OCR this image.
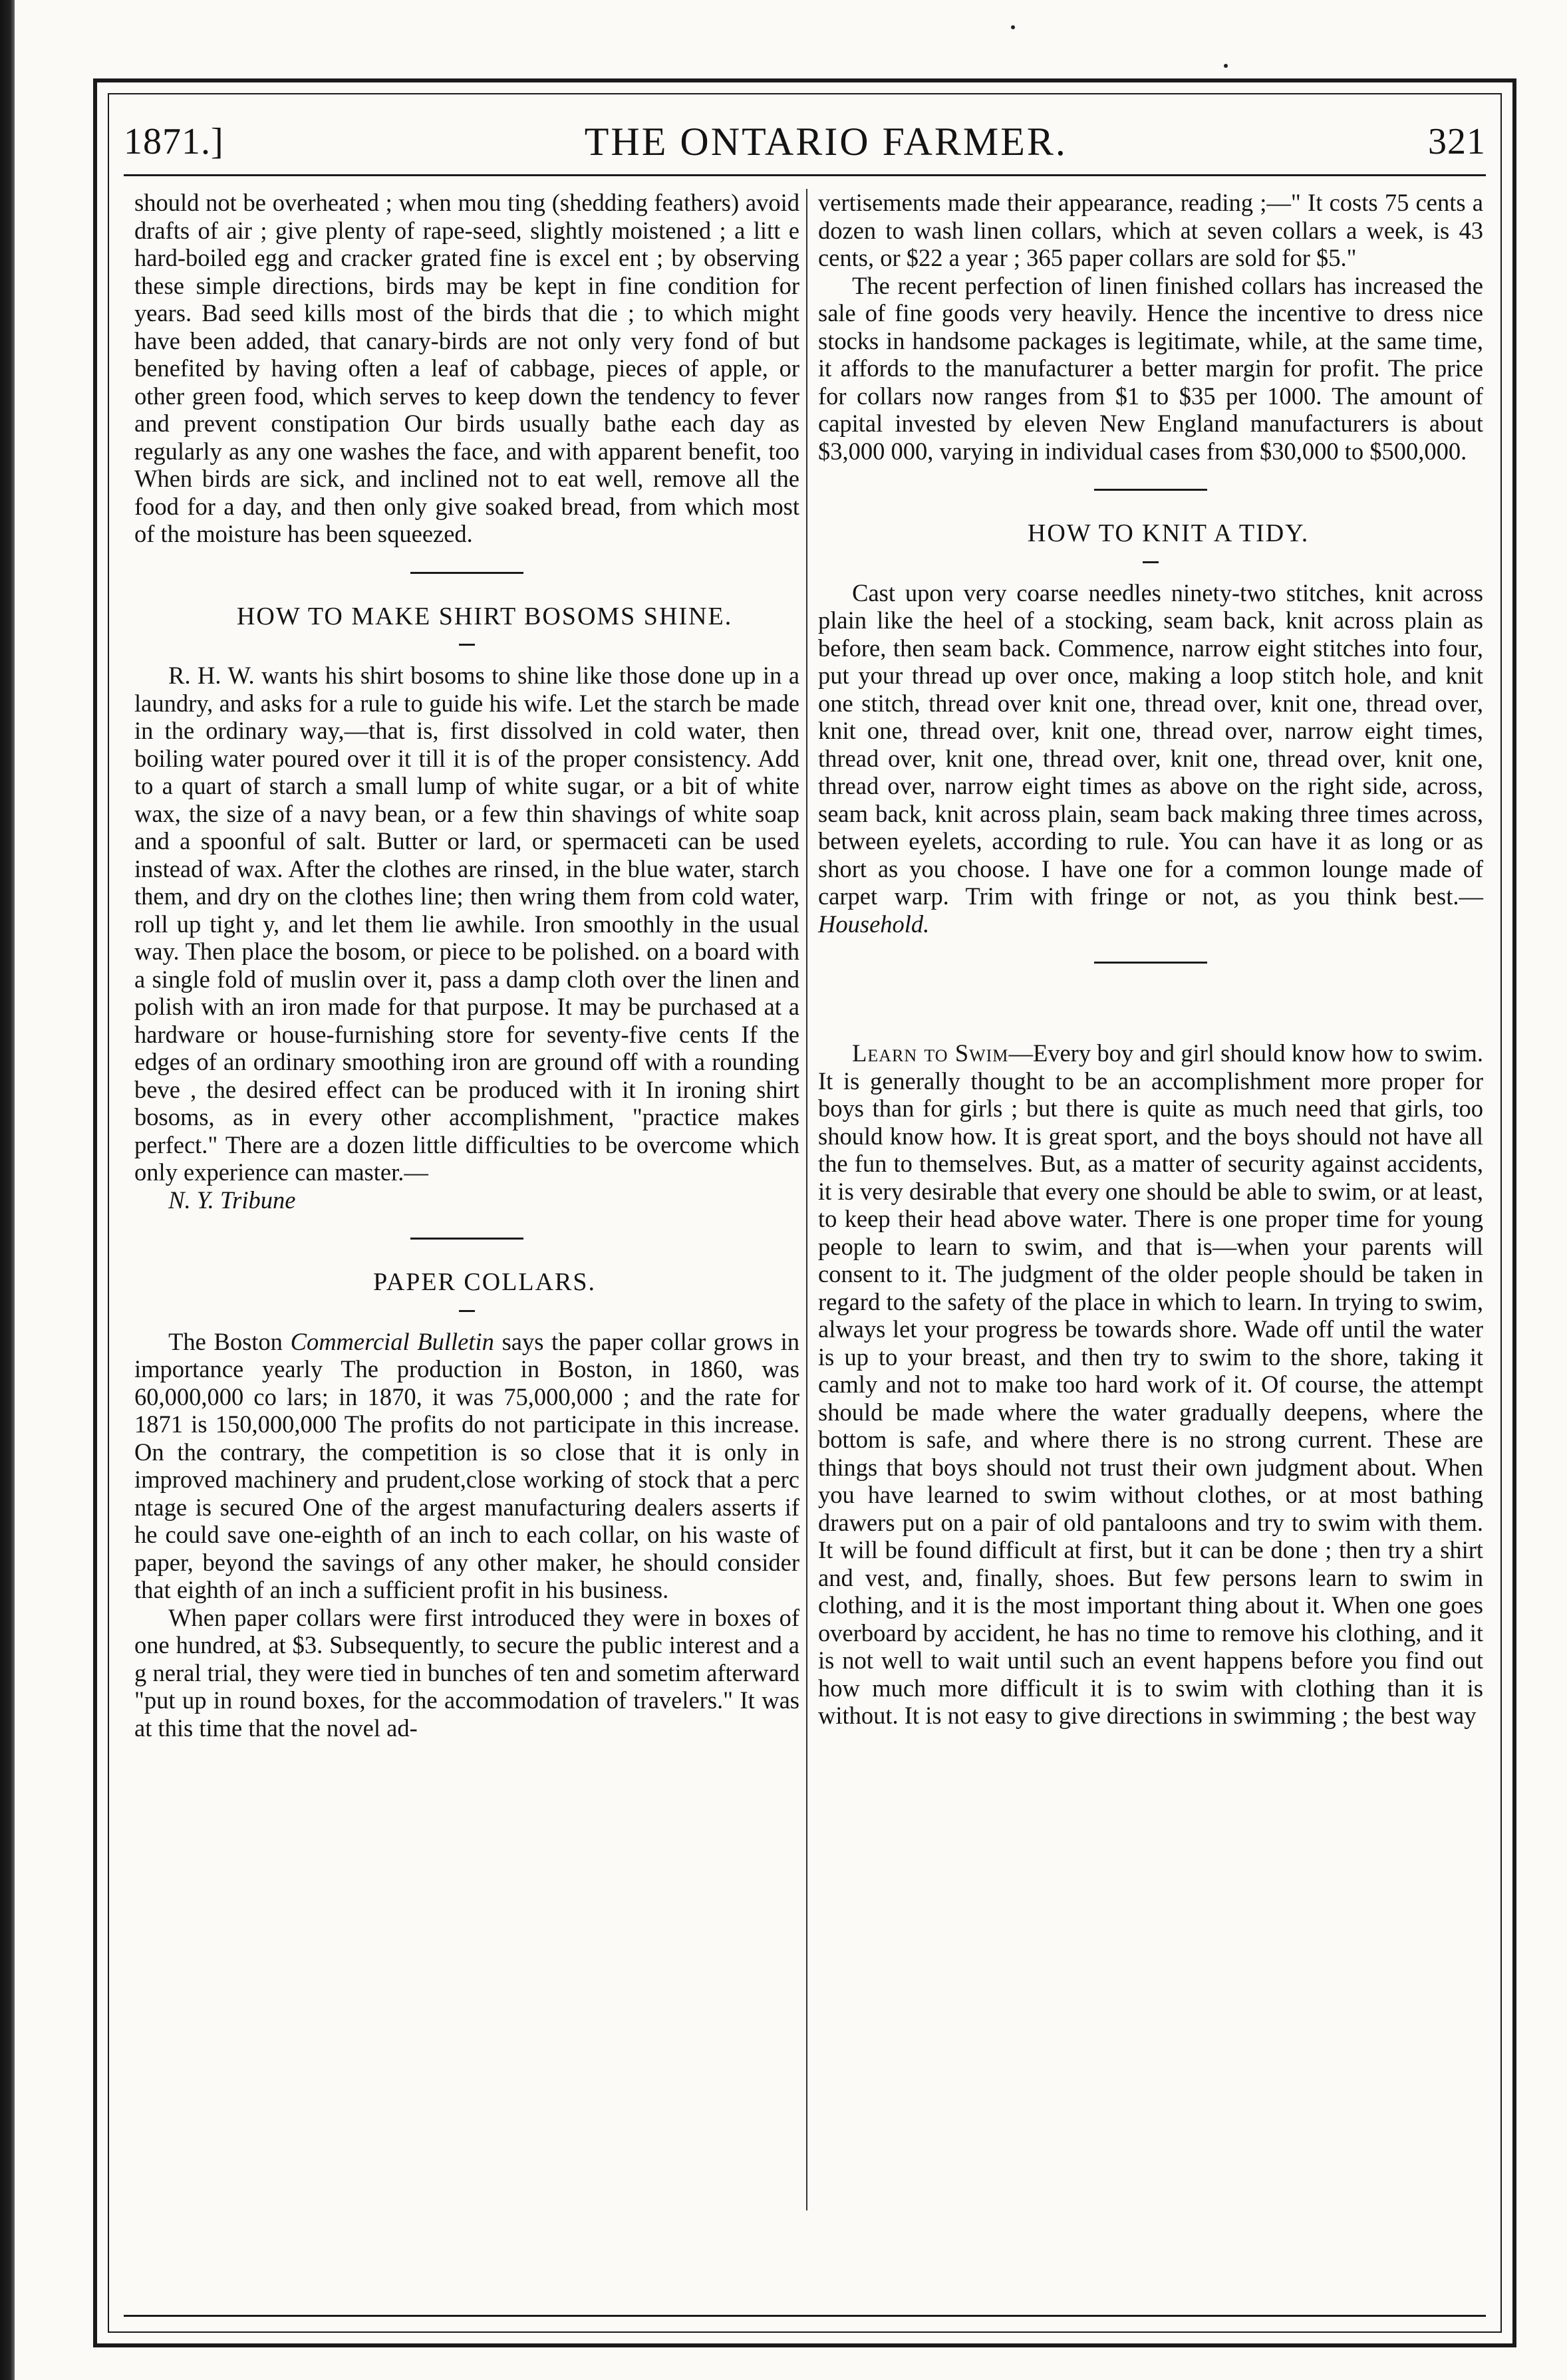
1871.]	THE ONTARIO FARMER.	321

should not be overheated ; when mou ting (shedding feathers) avoid drafts of air ; give plenty of rape-seed, slightly moistened ; a litt e hard-boiled egg and cracker grated fine is excel ent ; by observing these simple directions, birds may be kept in fine condition for years. Bad seed kills most of the birds that die ; to which might have been added, that canary-birds are not only very fond of but benefited by having often a leaf of cabbage, pieces of apple, or other green food, which serves to keep down the tendency to fever and prevent constipation Our birds usually bathe each day as regularly as any one washes the face, and with apparent benefit, too When birds are sick, and inclined not to eat well, remove all the food for a day, and then only give soaked bread, from which most of the moisture has been squeezed.

HOW TO MAKE SHIRT BOSOMS SHINE.

R. H. W. wants his shirt bosoms to shine like those done up in a laundry, and asks for a rule to guide his wife. Let the starch be made in the ordinary way,—that is, first dissolved in cold water, then boiling water poured over it till it is of the proper consistency. Add to a quart of starch a small lump of white sugar, or a bit of white wax, the size of a navy bean, or a few thin shavings of white soap and a spoonful of salt. Butter or lard, or spermaceti can be used instead of wax. After the clothes are rinsed, in the blue water, starch them, and dry on the clothes line; then wring them from cold water, roll up tight y, and let them lie awhile. Iron smoothly in the usual way. Then place the bosom, or piece to be polished. on a board with a single fold of muslin over it, pass a damp cloth over the linen and polish with an iron made for that purpose. It may be purchased at a hardware or house-furnishing store for seventy-five cents If the edges of an ordinary smoothing iron are ground off with a rounding beve , the desired effect can be produced with it In ironing shirt bosoms, as in every other accomplishment, "practice makes perfect." There are a dozen little difficulties to be overcome which only experience can master.—

N. Y. Tribune

PAPER COLLARS.

The Boston Commercial Bulletin says the paper collar grows in importance yearly The production in Boston, in 1860, was 60,000,000 co lars; in 1870, it was 75,000,000 ; and the rate for 1871 is 150,000,000 The profits do not participate in this increase. On the contrary, the competition is so close that it is only in improved machinery and prudent,close working of stock that a perc ntage is secured One of the argest manufacturing dealers asserts if he could save one-eighth of an inch to each collar, on his waste of paper, beyond the savings of any other maker, he should consider that eighth of an inch a sufficient profit in his business.

When paper collars were first introduced they were in boxes of one hundred, at $3. Subsequently, to secure the public interest and a g neral trial, they were tied in bunches of ten and sometim afterward "put up in round boxes, for the accommodation of travelers." It was at this time that the novel ad-

vertisements made their appearance, reading ;—" It costs 75 cents a dozen to wash linen collars, which at seven collars a week, is 43 cents, or $22 a year ; 365 paper collars are sold for $5."

The recent perfection of linen finished collars has increased the sale of fine goods very heavily. Hence the incentive to dress nice stocks in handsome packages is legitimate, while, at the same time, it affords to the manufacturer a better margin for profit. The price for collars now ranges from $1 to $35 per 1000. The amount of capital invested by eleven New England manufacturers is about $3,000 000, varying in individual cases from $30,000 to $500,000.

HOW TO KNIT A TIDY.

Cast upon very coarse needles ninety-two stitches, knit across plain like the heel of a stocking, seam back, knit across plain as before, then seam back. Commence, narrow eight stitches into four, put your thread up over once, making a loop stitch hole, and knit one stitch, thread over knit one, thread over, knit one, thread over, knit one, thread over, knit one, thread over, narrow eight times, thread over, knit one, thread over, knit one, thread over, knit one, thread over, narrow eight times as above on the right side, across, seam back, knit across plain, seam back making three times across, between eyelets, according to rule. You can have it as long or as short as you choose. I have one for a common lounge made of carpet warp. Trim with fringe or not, as you think best.—Household.

Learn to Swim—Every boy and girl should know how to swim. It is generally thought to be an accomplishment more proper for boys than for girls ; but there is quite as much need that girls, too should know how. It is great sport, and the boys should not have all the fun to themselves. But, as a matter of security against accidents, it is very desirable that every one should be able to swim, or at least, to keep their head above water. There is one proper time for young people to learn to swim, and that is—when your parents will consent to it. The judgment of the older people should be taken in regard to the safety of the place in which to learn. In trying to swim, always let your progress be towards shore. Wade off until the water is up to your breast, and then try to swim to the shore, taking it camly and not to make too hard work of it. Of course, the attempt should be made where the water gradually deepens, where the bottom is safe, and where there is no strong current. These are things that boys should not trust their own judgment about. When you have learned to swim without clothes, or at most bathing drawers put on a pair of old pantaloons and try to swim with them. It will be found difficult at first, but it can be done ; then try a shirt and vest, and, finally, shoes. But few persons learn to swim in clothing, and it is the most important thing about it. When one goes overboard by accident, he has no time to remove his clothing, and it is not well to wait until such an event happens before you find out how much more difficult it is to swim with clothing than it is without. It is not easy to give directions in swimming ; the best way
